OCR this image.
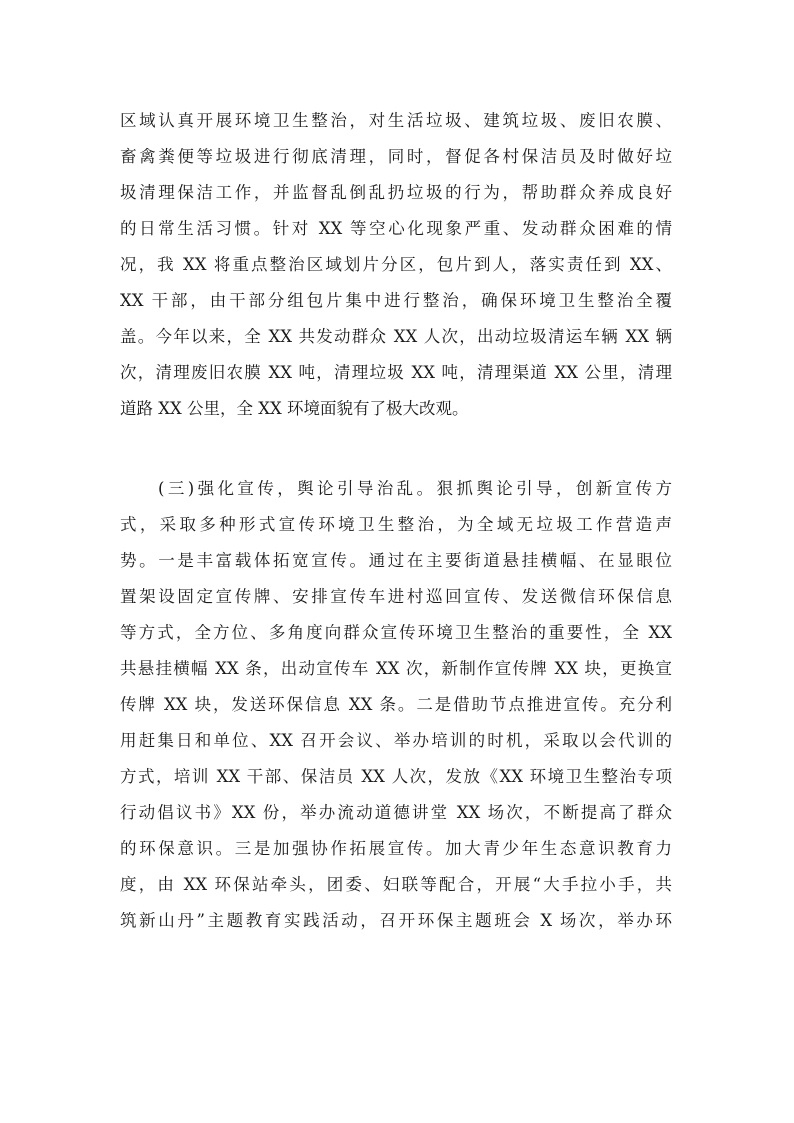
区域认真开展环境卫生整治，对生活垃圾、建筑垃圾、废旧农膜、
畜禽粪便等垃圾进行彻底清理，同时，督促各村保洁员及时做好垃
圾清理保洁工作，并监督乱倒乱扔垃圾的行为，帮助群众养成良好
的日常生活习惯。针对 XX 等空心化现象严重、发动群众困难的情
况，我 XX 将重点整治区域划片分区，包片到人，落实责任到 XX、
XX 干部，由干部分组包片集中进行整治，确保环境卫生整治全覆
盖。今年以来，全 XX 共发动群众 XX 人次，出动垃圾清运车辆 XX 辆
次，清理废旧农膜 XX 吨，清理垃圾 XX 吨，清理渠道 XX 公里，清理
道路 XX 公里，全 XX 环境面貌有了极大改观。
(三)强化宣传，舆论引导治乱。狠抓舆论引导，创新宣传方
式，采取多种形式宣传环境卫生整治，为全域无垃圾工作营造声
势。一是丰富载体拓宽宣传。通过在主要街道悬挂横幅、在显眼位
置架设固定宣传牌、安排宣传车进村巡回宣传、发送微信环保信息
等方式，全方位、多角度向群众宣传环境卫生整治的重要性，全 XX
共悬挂横幅 XX 条，出动宣传车 XX 次，新制作宣传牌 XX 块，更换宣
传牌 XX 块，发送环保信息 XX 条。二是借助节点推进宣传。充分利
用赶集日和单位、XX 召开会议、举办培训的时机，采取以会代训的
方式，培训 XX 干部、保洁员 XX 人次，发放《XX 环境卫生整治专项
行动倡议书》XX 份，举办流动道德讲堂 XX 场次，不断提高了群众
的环保意识。三是加强协作拓展宣传。加大青少年生态意识教育力
度，由 XX 环保站牵头，团委、妇联等配合，开展“大手拉小手，共
筑新山丹”主题教育实践活动，召开环保主题班会 X 场次，举办环
